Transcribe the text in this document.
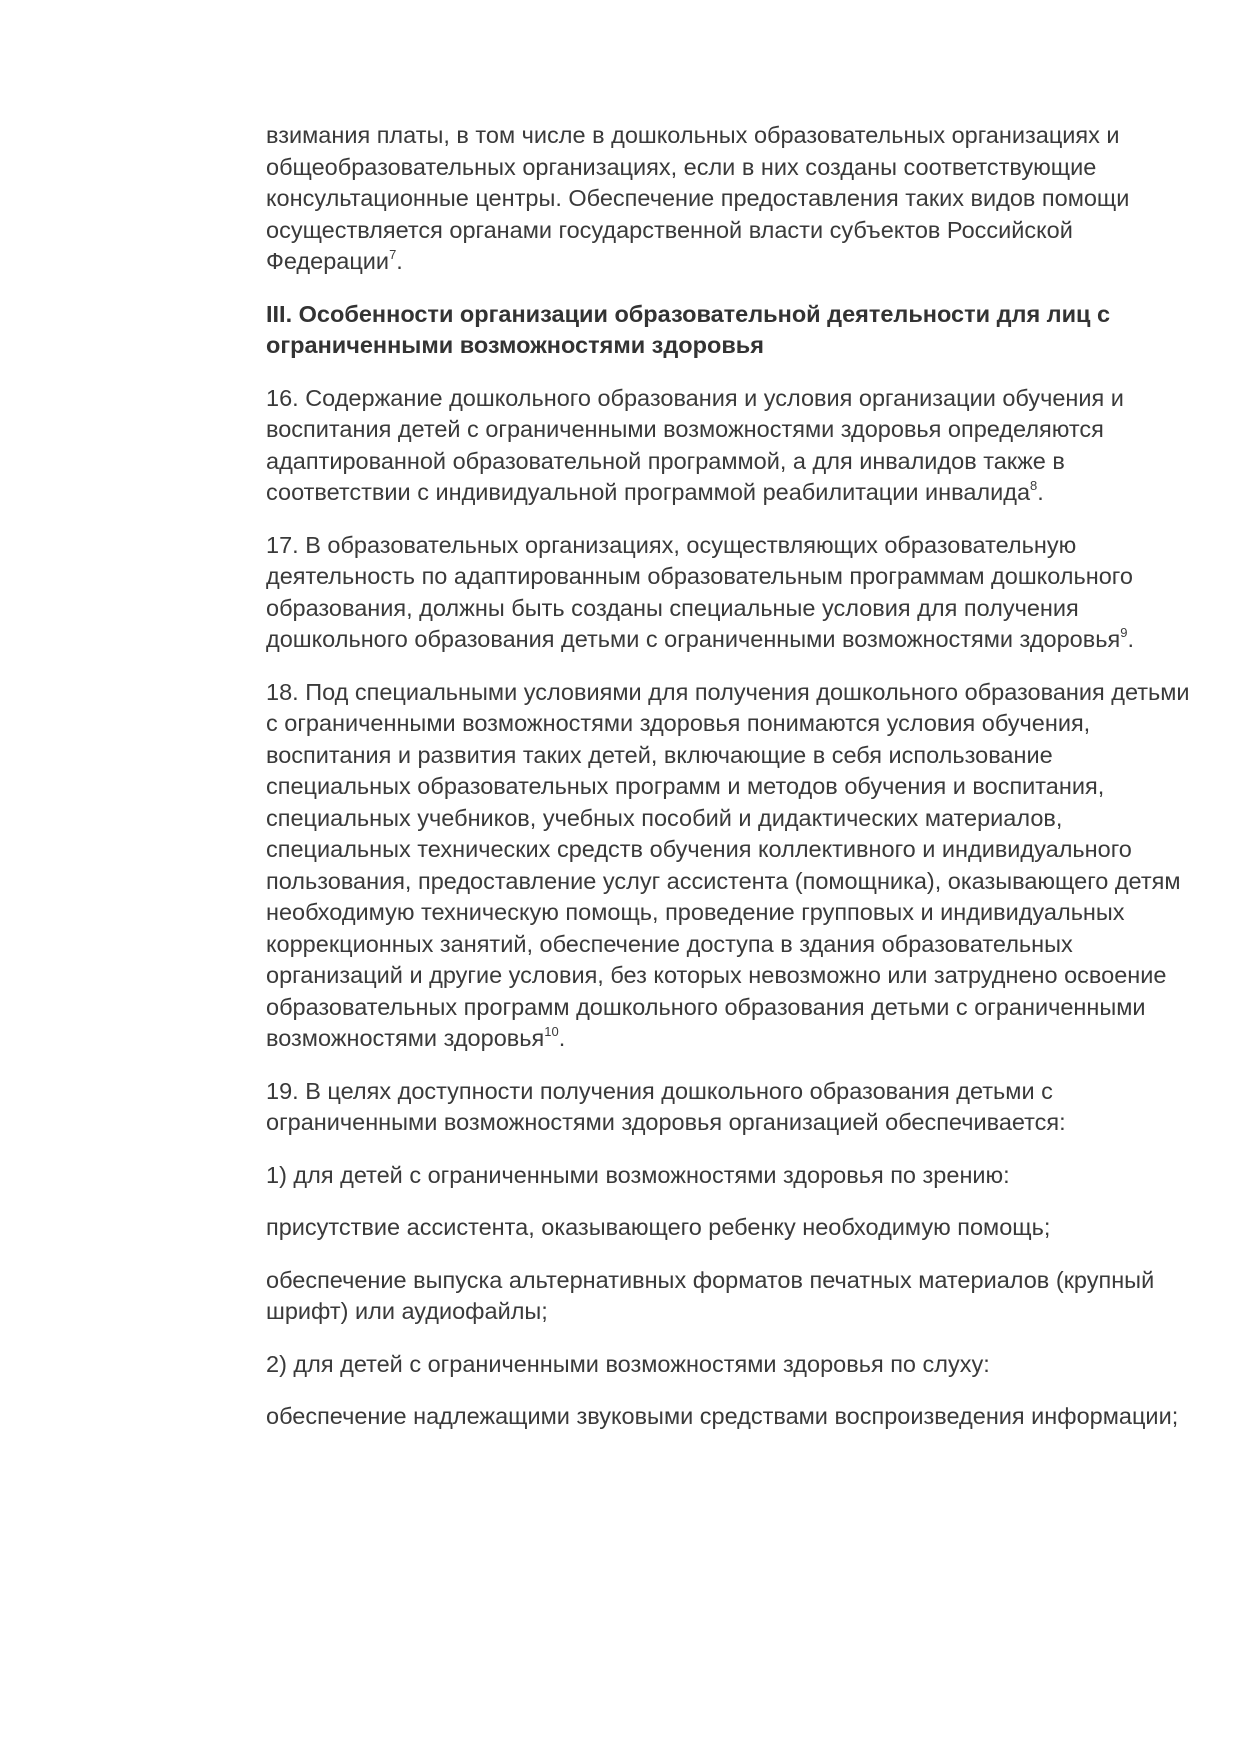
взимания платы, в том числе в дошкольных образовательных организациях и общеобразовательных организациях, если в них созданы соответствующие консультационные центры. Обеспечение предоставления таких видов помощи осуществляется органами государственной власти субъектов Российской Федерации$^7$.

III. Особенности организации образовательной деятельности для лиц с ограниченными возможностями здоровья

16. Содержание дошкольного образования и условия организации обучения и воспитания детей с ограниченными возможностями здоровья определяются адаптированной образовательной программой, а для инвалидов также в соответствии с индивидуальной программой реабилитации инвалида$^8$.

17. В образовательных организациях, осуществляющих образовательную деятельность по адаптированным образовательным программам дошкольного образования, должны быть созданы специальные условия для получения дошкольного образования детьми с ограниченными возможностями здоровья$^9$.

18. Под специальными условиями для получения дошкольного образования детьми с ограниченными возможностями здоровья понимаются условия обучения, воспитания и развития таких детей, включающие в себя использование специальных образовательных программ и методов обучения и воспитания, специальных учебников, учебных пособий и дидактических материалов, специальных технических средств обучения коллективного и индивидуального пользования, предоставление услуг ассистента (помощника), оказывающего детям необходимую техническую помощь, проведение групповых и индивидуальных коррекционных занятий, обеспечение доступа в здания образовательных организаций и другие условия, без которых невозможно или затруднено освоение образовательных программ дошкольного образования детьми с ограниченными возможностями здоровья$^{10}$.

19. В целях доступности получения дошкольного образования детьми с ограниченными возможностями здоровья организацией обеспечивается:

1) для детей с ограниченными возможностями здоровья по зрению:

присутствие ассистента, оказывающего ребенку необходимую помощь;

обеспечение выпуска альтернативных форматов печатных материалов (крупный шрифт) или аудиофайлы;

2) для детей с ограниченными возможностями здоровья по слуху:

обеспечение надлежащими звуковыми средствами воспроизведения информации;
